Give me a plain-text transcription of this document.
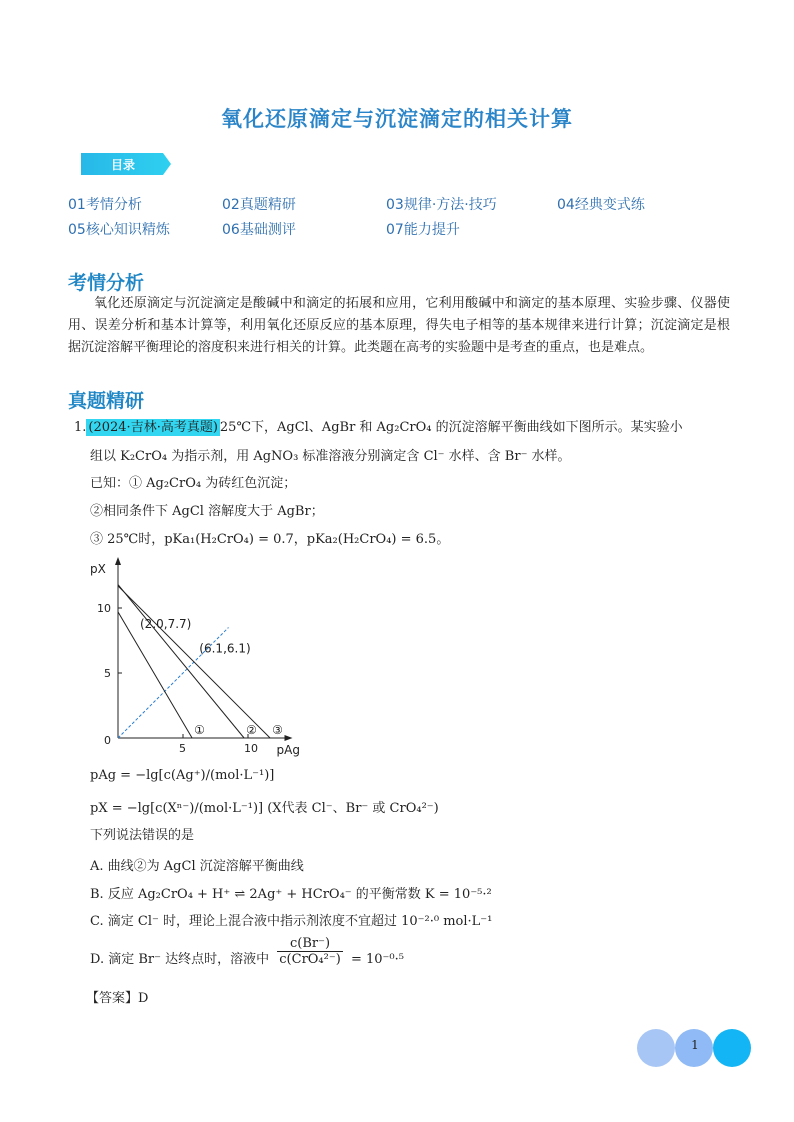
氧化还原滴定与沉淀滴定的相关计算
目录
01考情分析	02真题精研	03规律·方法·技巧	04经典变式练
05核心知识精炼	06基础测评	07能力提升
考情分析
氧化还原滴定与沉淀滴定是酸碱中和滴定的拓展和应用，它利用酸碱中和滴定的基本原理、实验步骤、仪器使用、误差分析和基本计算等，利用氧化还原反应的基本原理，得失电子相等的基本规律来进行计算；沉淀滴定是根据沉淀溶解平衡理论的溶度积来进行相关的计算。此类题在高考的实验题中是考查的重点，也是难点。
真题精研
1. (2024·吉林·高考真题) 25℃下，AgCl、AgBr 和 Ag₂CrO₄ 的沉淀溶解平衡曲线如下图所示。某实验小
组以 K₂CrO₄ 为指示剂，用 AgNO₃ 标准溶液分别滴定含 Cl⁻ 水样、含 Br⁻ 水样。
已知：① Ag₂CrO₄ 为砖红色沉淀；
②相同条件下 AgCl 溶解度大于 AgBr；
③ 25℃时，pKa₁(H₂CrO₄) = 0.7，pKa₂(H₂CrO₄) = 6.5。
pX
pAg
5	10
0
5
10
(2.0,7.7)
(6.1,6.1)
①	② ③
pAg = −lg[c(Ag⁺)/(mol·L⁻¹)]
pX = −lg[c(Xⁿ⁻)/(mol·L⁻¹)] (X代表 Cl⁻、Br⁻ 或 CrO₄²⁻)
下列说法错误的是
A. 曲线②为 AgCl 沉淀溶解平衡曲线
B. 反应 Ag₂CrO₄ + H⁺ ⇌ 2Ag⁺ + HCrO₄⁻ 的平衡常数 K = 10⁻⁵·²
C. 滴定 Cl⁻ 时，理论上混合液中指示剂浓度不宜超过 10⁻²·⁰ mol·L⁻¹
D. 滴定 Br⁻ 达终点时，溶液中
c(Br⁻)
c(CrO₄²⁻) = 10⁻⁰·⁵
【答案】D
1
